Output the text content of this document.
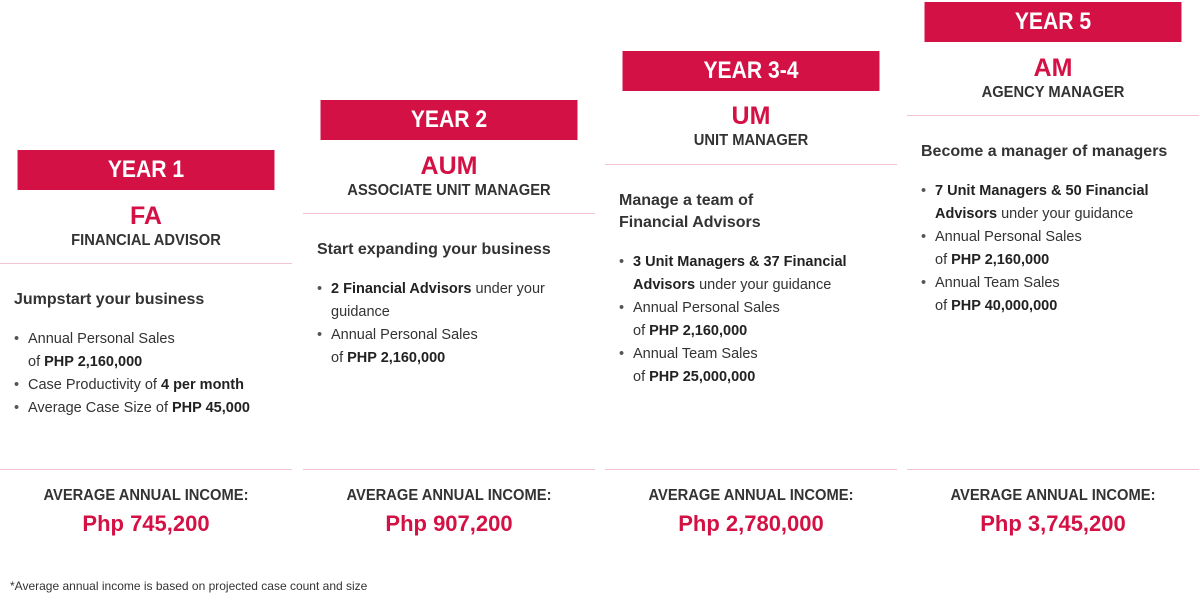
YEAR 1
FA
FINANCIAL ADVISOR
Jumpstart your business
• Annual Personal Sales
of PHP 2,160,000
• Case Productivity of 4 per month
• Average Case Size of PHP 45,000
AVERAGE ANNUAL INCOME:
Php 745,200
YEAR 2
AUM
ASSOCIATE UNIT MANAGER
Start expanding your business
• 2 Financial Advisors under your guidance
• Annual Personal Sales
of PHP 2,160,000
AVERAGE ANNUAL INCOME:
Php 907,200
YEAR 3-4
UM
UNIT MANAGER
Manage a team of
Financial Advisors
• 3 Unit Managers & 37 Financial Advisors under your guidance
• Annual Personal Sales
of PHP 2,160,000
• Annual Team Sales
of PHP 25,000,000
AVERAGE ANNUAL INCOME:
Php 2,780,000
YEAR 5
AM
AGENCY MANAGER
Become a manager of managers
• 7 Unit Managers & 50 Financial Advisors under your guidance
• Annual Personal Sales
of PHP 2,160,000
• Annual Team Sales
of PHP 40,000,000
AVERAGE ANNUAL INCOME:
Php 3,745,200
*Average annual income is based on projected case count and size
